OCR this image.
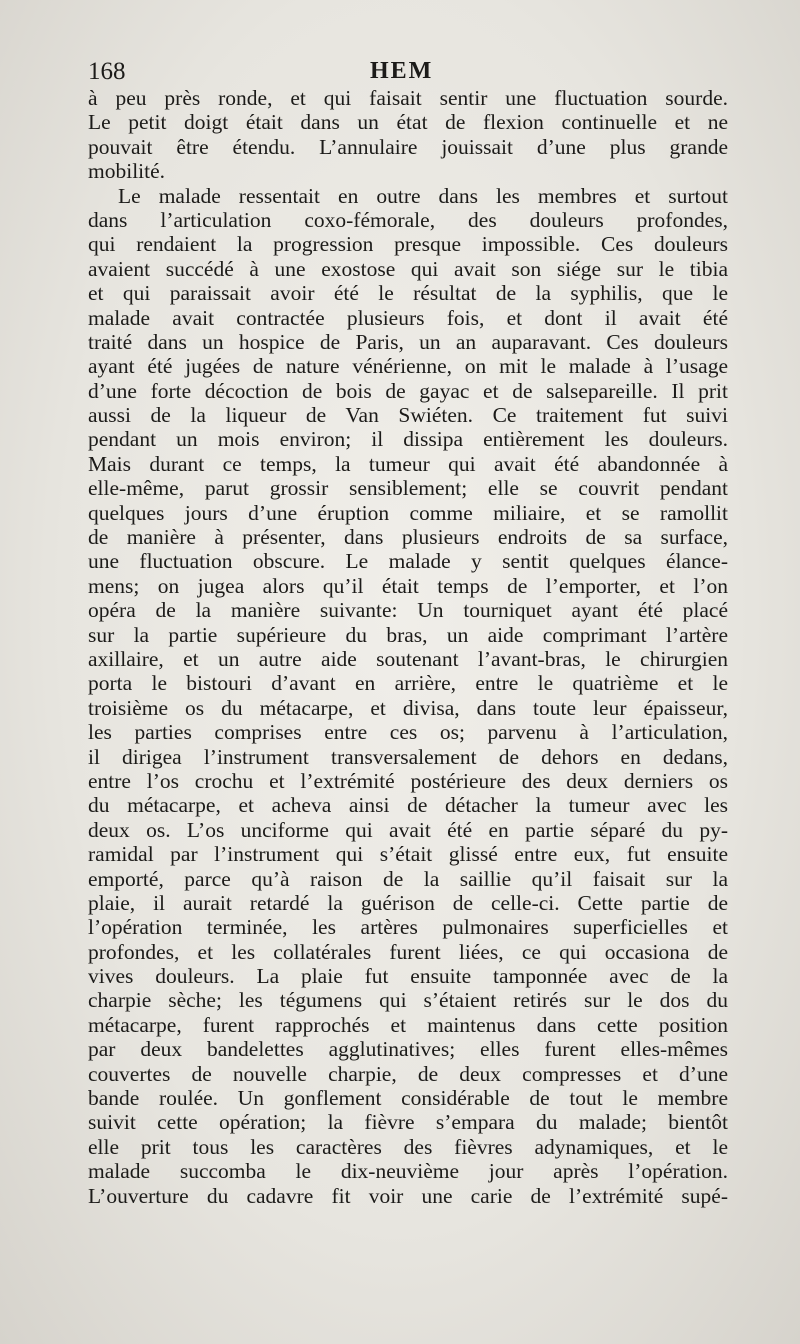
168	HEM
à peu près ronde, et qui faisait sentir une fluctuation sourde.
Le petit doigt était dans un état de flexion continuelle et ne
pouvait être étendu. L’annulaire jouissait d’une plus grande
mobilité.
Le malade ressentait en outre dans les membres et surtout
dans l’articulation coxo-fémorale, des douleurs profondes,
qui rendaient la progression presque impossible. Ces douleurs
avaient succédé à une exostose qui avait son siége sur le tibia
et qui paraissait avoir été le résultat de la syphilis, que le
malade avait contractée plusieurs fois, et dont il avait été
traité dans un hospice de Paris, un an auparavant. Ces douleurs
ayant été jugées de nature vénérienne, on mit le malade à l’usage
d’une forte décoction de bois de gayac et de salsepareille. Il prit
aussi de la liqueur de Van Swiéten. Ce traitement fut suivi
pendant un mois environ; il dissipa entièrement les douleurs.
Mais durant ce temps, la tumeur qui avait été abandonnée à
elle-même, parut grossir sensiblement; elle se couvrit pendant
quelques jours d’une éruption comme miliaire, et se ramollit
de manière à présenter, dans plusieurs endroits de sa surface,
une fluctuation obscure. Le malade y sentit quelques élance-
mens; on jugea alors qu’il était temps de l’emporter, et l’on
opéra de la manière suivante: Un tourniquet ayant été placé
sur la partie supérieure du bras, un aide comprimant l’artère
axillaire, et un autre aide soutenant l’avant-bras, le chirurgien
porta le bistouri d’avant en arrière, entre le quatrième et le
troisième os du métacarpe, et divisa, dans toute leur épaisseur,
les parties comprises entre ces os; parvenu à l’articulation,
il dirigea l’instrument transversalement de dehors en dedans,
entre l’os crochu et l’extrémité postérieure des deux derniers os
du métacarpe, et acheva ainsi de détacher la tumeur avec les
deux os. L’os unciforme qui avait été en partie séparé du py-
ramidal par l’instrument qui s’était glissé entre eux, fut ensuite
emporté, parce qu’à raison de la saillie qu’il faisait sur la
plaie, il aurait retardé la guérison de celle-ci. Cette partie de
l’opération terminée, les artères pulmonaires superficielles et
profondes, et les collatérales furent liées, ce qui occasiona de
vives douleurs. La plaie fut ensuite tamponnée avec de la
charpie sèche; les tégumens qui s’étaient retirés sur le dos du
métacarpe, furent rapprochés et maintenus dans cette position
par deux bandelettes agglutinatives; elles furent elles-mêmes
couvertes de nouvelle charpie, de deux compresses et d’une
bande roulée. Un gonflement considérable de tout le membre
suivit cette opération; la fièvre s’empara du malade; bientôt
elle prit tous les caractères des fièvres adynamiques, et le
malade succomba le dix-neuvième jour après l’opération.
L’ouverture du cadavre fit voir une carie de l’extrémité supé-
